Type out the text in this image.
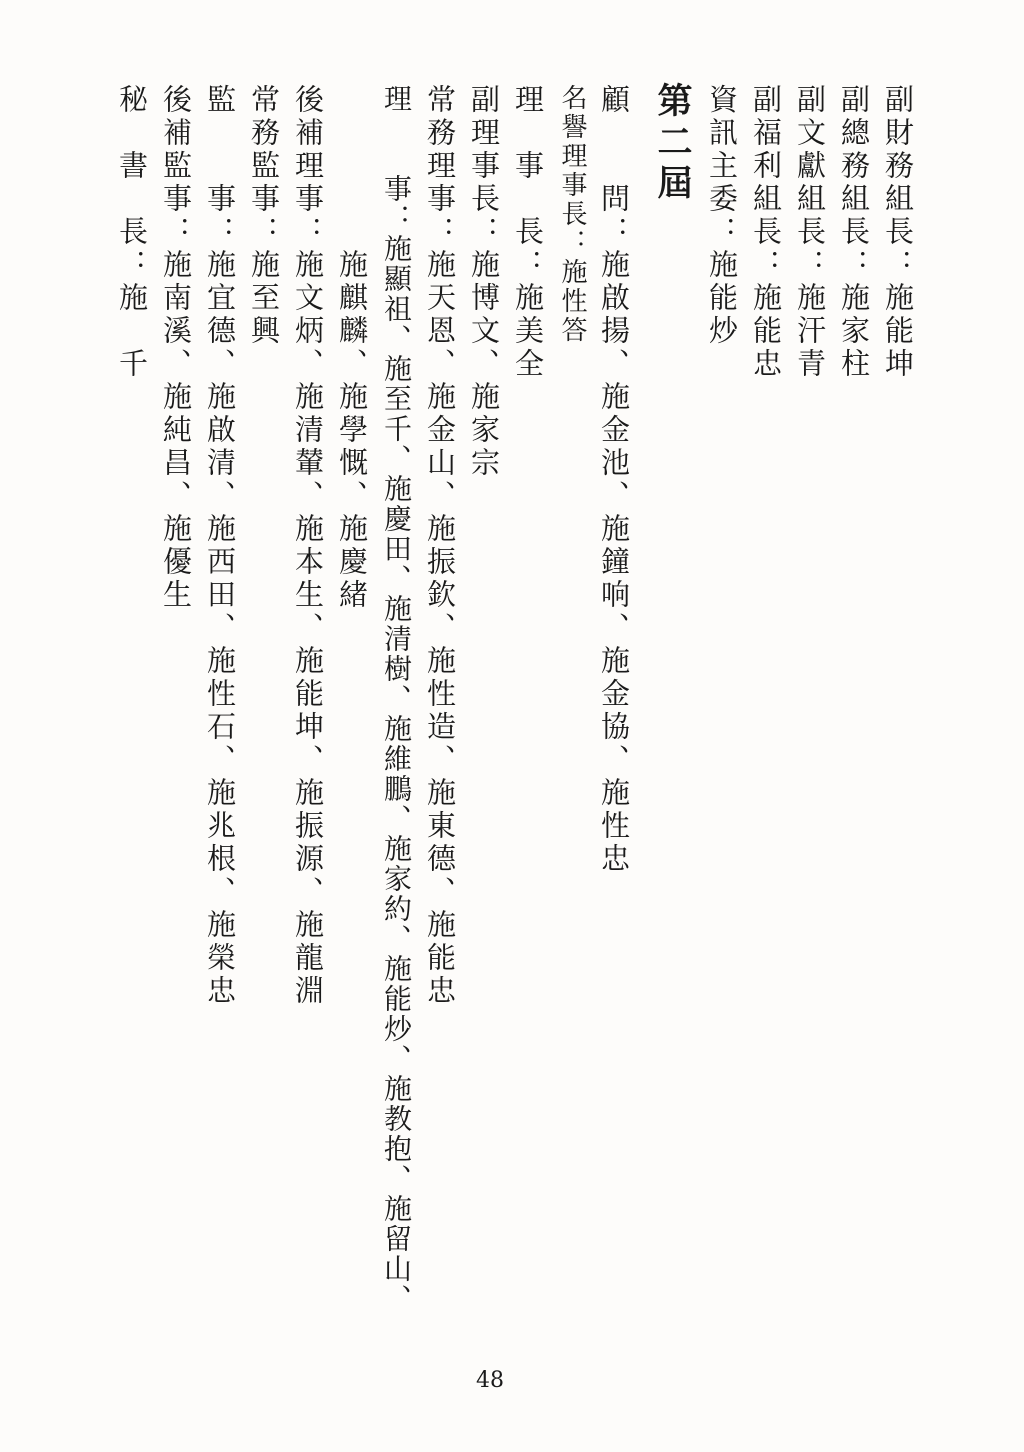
副財務組長：施能坤
副總務組長：施家柱
副文獻組長：施汗青
副福利組長：施能忠
資訊主委：施能炒
第二屆
顧　　問：施啟揚、施金池、施鐘响、施金協、施性忠
名譽理事長：施性答
理　事　長：施美全
副理事長：施博文、施家宗
常務理事：施天恩、施金山、施振欽、施性造、施東德、施能忠
理　　事：施顯祖、施至千、施慶田、施清樹、施維鵬、施家約、施能炒、施教抱、施留山、
　　　　　施麒麟、施學慨、施慶緒
後補理事：施文炳、施清輦、施本生、施能坤、施振源、施龍淵
常務監事：施至興
監　　事：施宜德、施啟清、施西田、施性石、施兆根、施榮忠
後補監事：施南溪、施純昌、施優生
秘　書　長：施　千
48
